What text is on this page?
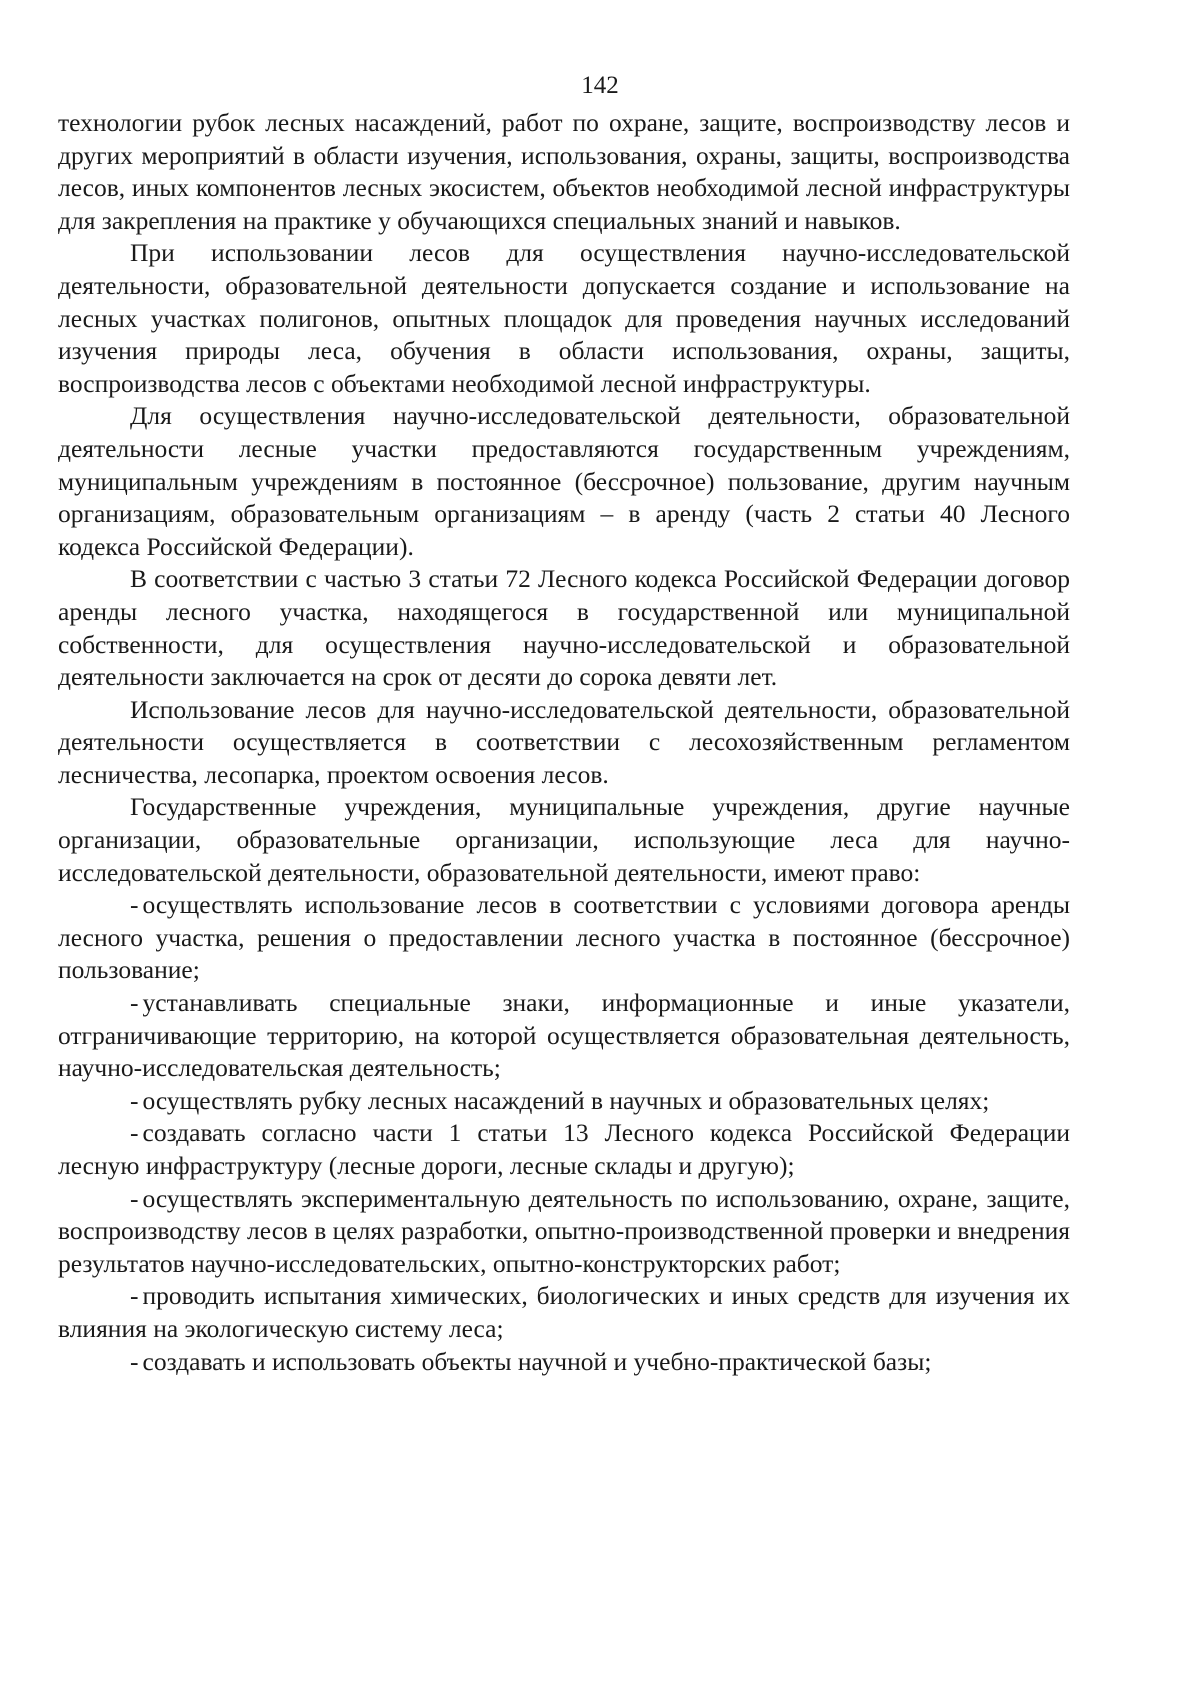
142

технологии рубок лесных насаждений, работ по охране, защите, воспроизводству лесов и других мероприятий в области изучения, использования, охраны, защиты, воспроизводства лесов, иных компонентов лесных экосистем, объектов необходимой лесной инфраструктуры для закрепления на практике у обучающихся специальных знаний и навыков.

При использовании лесов для осуществления научно-исследовательской деятельности, образовательной деятельности допускается создание и использование на лесных участках полигонов, опытных площадок для проведения научных исследований изучения природы леса, обучения в области использования, охраны, защиты, воспроизводства лесов с объектами необходимой лесной инфраструктуры.

Для осуществления научно-исследовательской деятельности, образовательной деятельности лесные участки предоставляются государственным учреждениям, муниципальным учреждениям в постоянное (бессрочное) пользование, другим научным организациям, образовательным организациям – в аренду (часть 2 статьи 40 Лесного кодекса Российской Федерации).

В соответствии с частью 3 статьи 72 Лесного кодекса Российской Федерации договор аренды лесного участка, находящегося в государственной или муниципальной собственности, для осуществления научно-исследовательской и образовательной деятельности заключается на срок от десяти до сорока девяти лет.

Использование лесов для научно-исследовательской деятельности, образовательной деятельности осуществляется в соответствии с лесохозяйственным регламентом лесничества, лесопарка, проектом освоения лесов.

Государственные учреждения, муниципальные учреждения, другие научные организации, образовательные организации, использующие леса для научно-исследовательской деятельности, образовательной деятельности, имеют право:

- осуществлять использование лесов в соответствии с условиями договора аренды лесного участка, решения о предоставлении лесного участка в постоянное (бессрочное) пользование;

- устанавливать специальные знаки, информационные и иные указатели, отграничивающие территорию, на которой осуществляется образовательная деятельность, научно-исследовательская деятельность;

- осуществлять рубку лесных насаждений в научных и образовательных целях;

- создавать согласно части 1 статьи 13 Лесного кодекса Российской Федерации лесную инфраструктуру (лесные дороги, лесные склады и другую);

- осуществлять экспериментальную деятельность по использованию, охране, защите, воспроизводству лесов в целях разработки, опытно-производственной проверки и внедрения результатов научно-исследовательских, опытно-конструкторских работ;

- проводить испытания химических, биологических и иных средств для изучения их влияния на экологическую систему леса;

- создавать и использовать объекты научной и учебно-практической базы;
